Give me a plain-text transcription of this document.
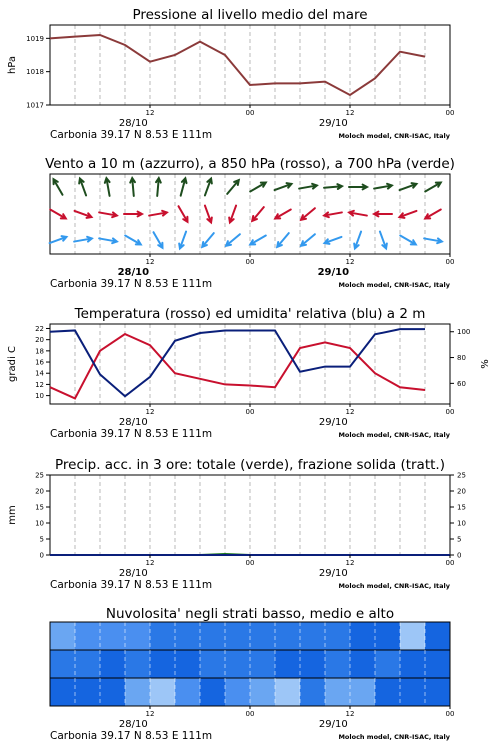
Pressione al livello medio del mare
1017
1018
1019
hPa
12	00	12	00
28/10	29/10
Carbonia 39.17 N 8.53 E 111m	Moloch model, CNR-ISAC, Italy
Vento a 10 m (azzurro), a 850 hPa (rosso), a 700 hPa (verde)
12	00	12	00
28/10	29/10
Carbonia 39.17 N 8.53 E 111m	Moloch model, CNR-ISAC, Italy
Temperatura (rosso) ed umidita' relativa (blu) a 2 m
10
12
14
16
18
20
22
60
80
100
gradi C	%
12	00	12	00
28/10	29/10
Carbonia 39.17 N 8.53 E 111m	Moloch model, CNR-ISAC, Italy
Precip. acc. in 3 ore: totale (verde), frazione solida (tratt.)
0
5
10
15
20
25
0
5
10
15
20
25
mm
12	00	12	00
28/10	29/10
Carbonia 39.17 N 8.53 E 111m	Moloch model, CNR-ISAC, Italy
Nuvolosita' negli strati basso, medio e alto
12	00	12	00
28/10	29/10
Carbonia 39.17 N 8.53 E 111m	Moloch model, CNR-ISAC, Italy
